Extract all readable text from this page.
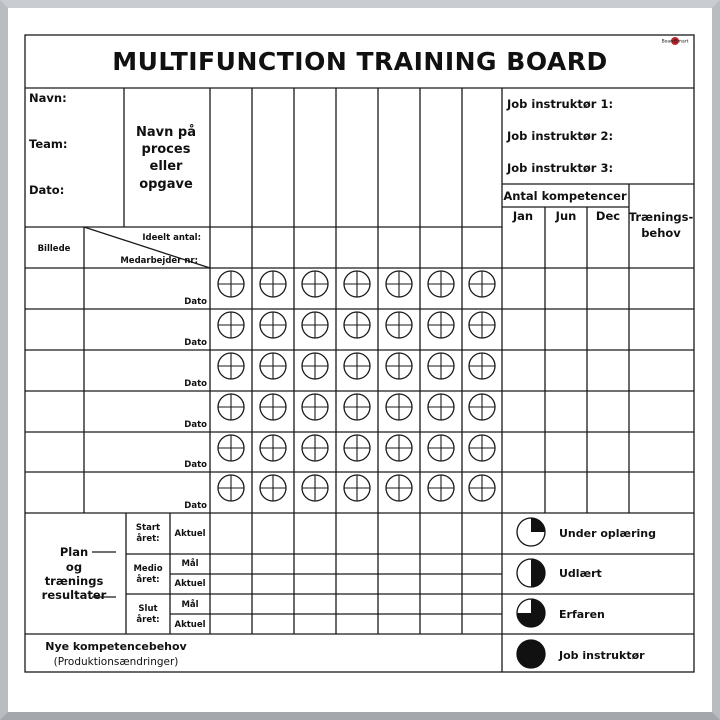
MULTIFUNCTION TRAINING BOARD
BoardSmart
Navn:
Team:
Dato:
Navn på
proces
eller
opgave
Job instruktør 1:
Job instruktør 2:
Job instruktør 3:
Antal kompetencer
Jan Jun Dec Trænings-
behov
Billede
Ideelt antal:
Medarbejder nr:
Dato
Dato
Dato
Dato
Dato
Dato
Plan
og
trænings
resultater
Start
året: Aktuel
Medio
året:
Mål
Aktuel
Slut
året:
Mål
Aktuel
Under oplæring
Udlært
Erfaren
Job instruktør
Nye kompetencebehov
(Produktionsændringer)
